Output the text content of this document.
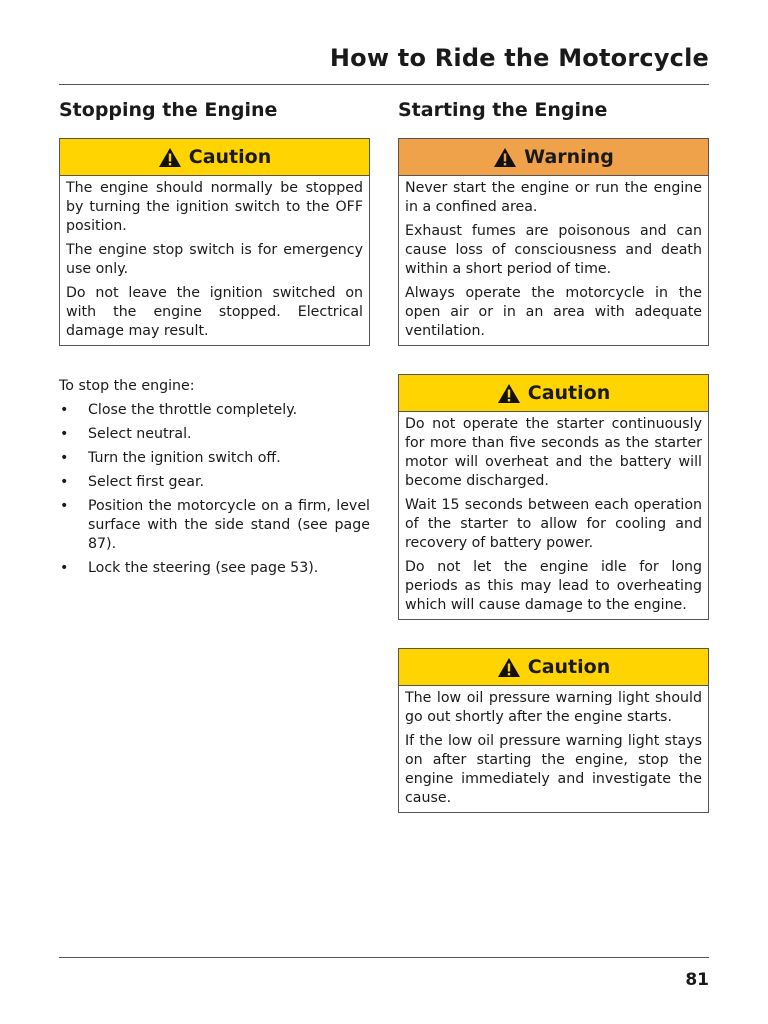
How to Ride the Motorcycle
Stopping the Engine
Caution

The engine should normally be stopped by turning the ignition switch to the OFF position.

The engine stop switch is for emergency use only.

Do not leave the ignition switched on with the engine stopped. Electrical damage may result.

To stop the engine:

• Close the throttle completely.
• Select neutral.
• Turn the ignition switch off.
• Select first gear.
• Position the motorcycle on a firm, level surface with the side stand (see page 87).
• Lock the steering (see page 53).
Starting the Engine
Warning

Never start the engine or run the engine in a confined area.

Exhaust fumes are poisonous and can cause loss of consciousness and death within a short period of time.

Always operate the motorcycle in the open air or in an area with adequate ventilation.

Caution

Do not operate the starter continuously for more than five seconds as the starter motor will overheat and the battery will become discharged.

Wait 15 seconds between each operation of the starter to allow for cooling and recovery of battery power.

Do not let the engine idle for long periods as this may lead to overheating which will cause damage to the engine.

Caution

The low oil pressure warning light should go out shortly after the engine starts.

If the low oil pressure warning light stays on after starting the engine, stop the engine immediately and investigate the cause.

81
